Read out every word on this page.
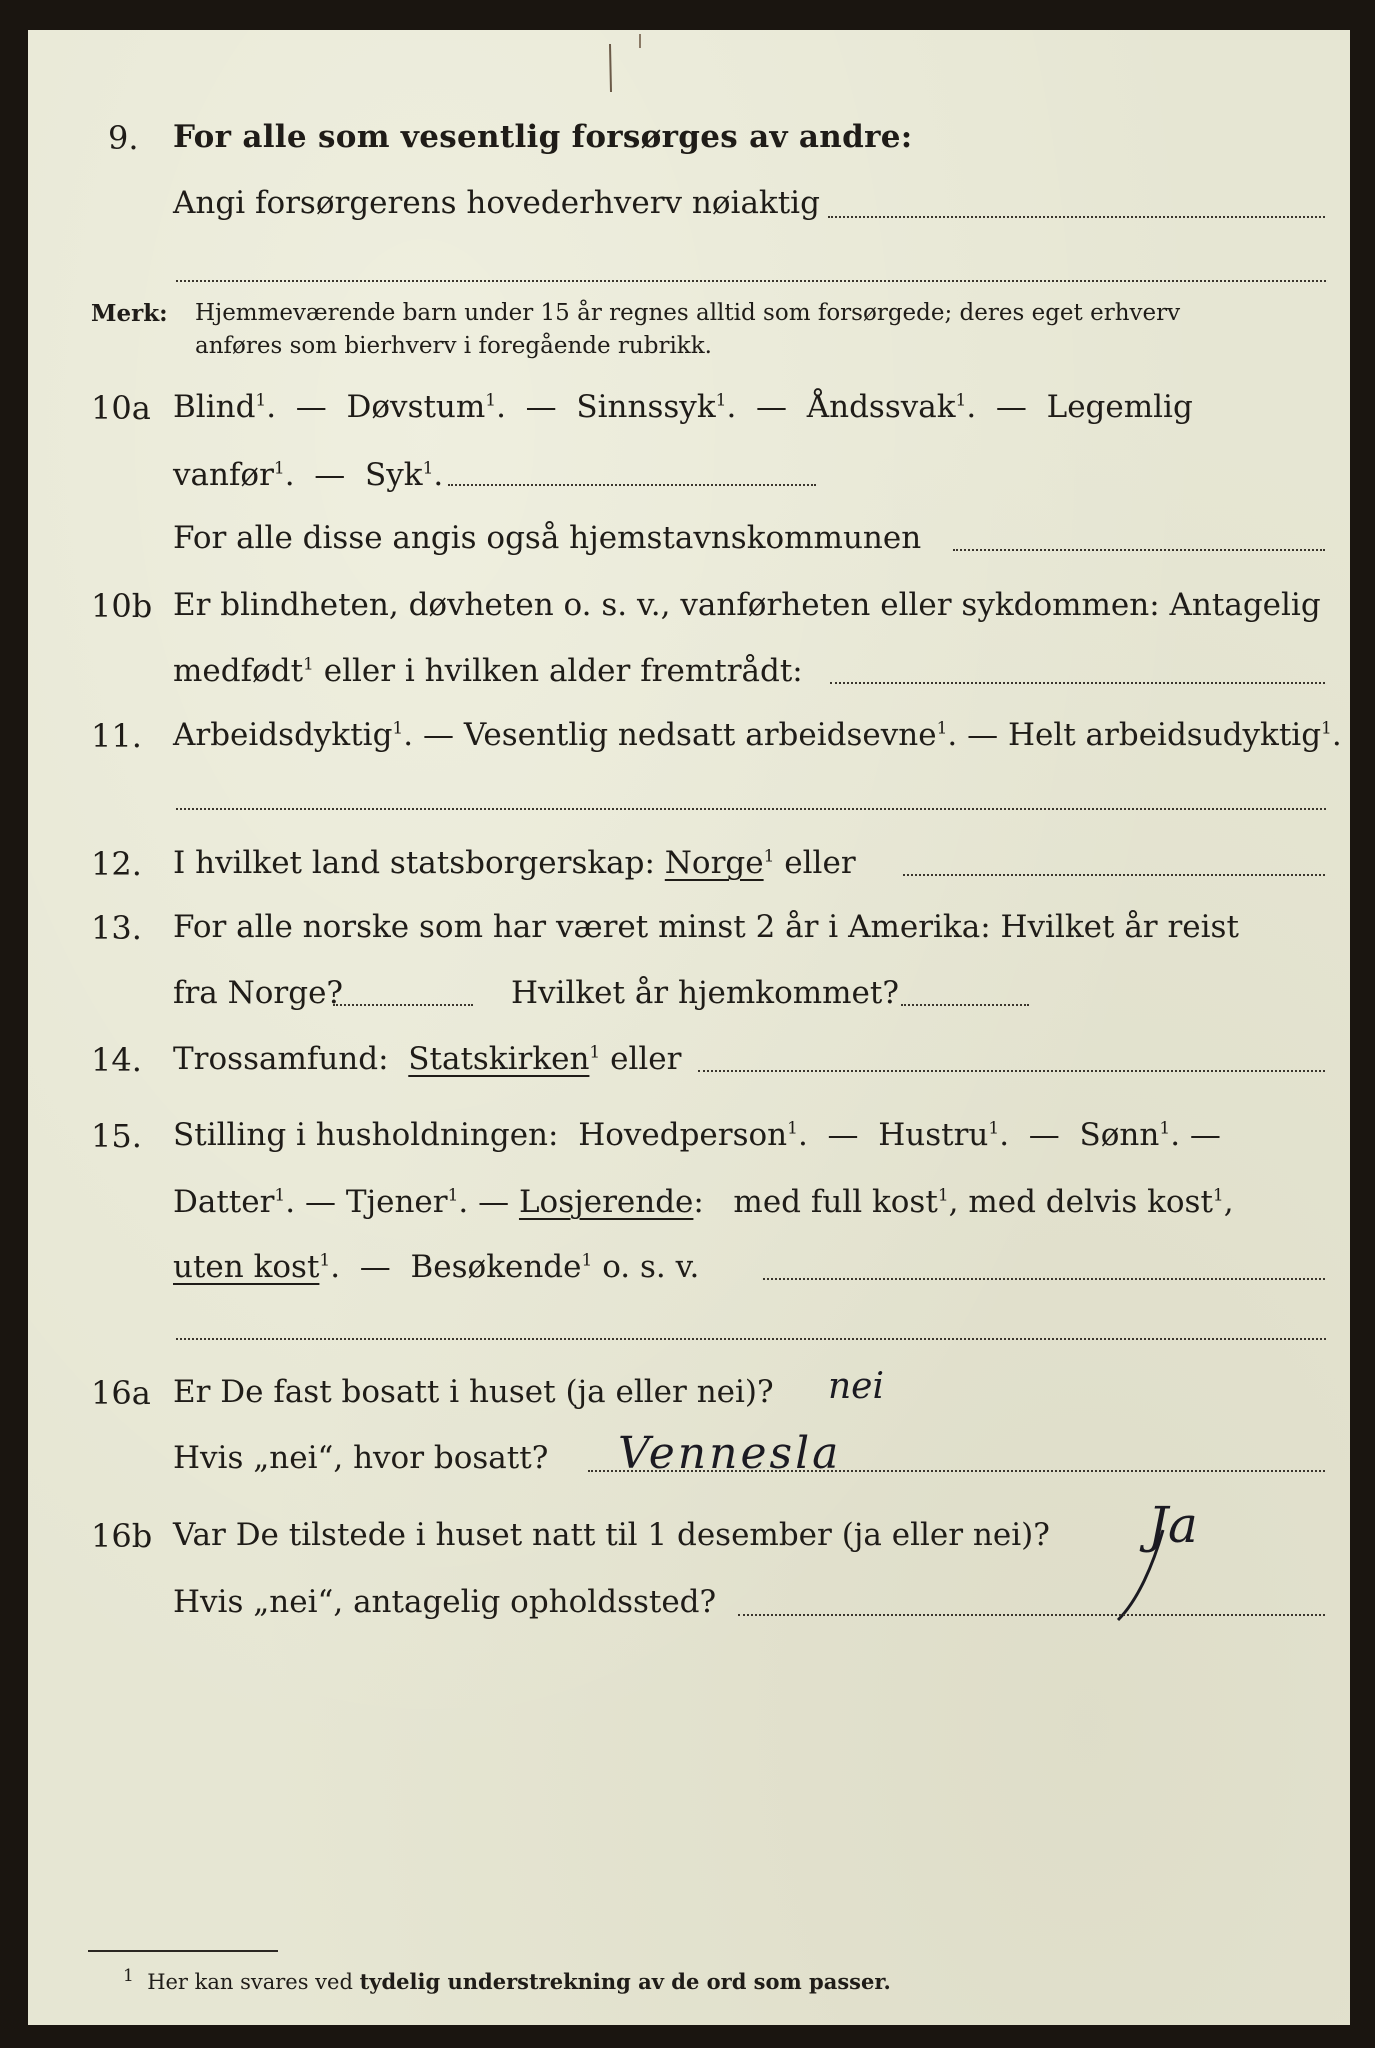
9. For alle som vesentlig forsørges av andre:
Angi forsørgerens hovederhverv nøiaktig
Merk: Hjemmeværende barn under 15 år regnes alltid som forsørgede; deres eget erhverv
anføres som bierhverv i foregående rubrikk.
10a Blind$^1$.  —  Døvstum$^1$.  —  Sinnssyk$^1$.  —  Åndssvak$^1$.  —  Legemlig
vanfør$^1$.  —  Syk$^1$.
For alle disse angis også hjemstavnskommunen
10b Er blindheten, døvheten o. s. v., vanførheten eller sykdommen: Antagelig
medfødt$^1$ eller i hvilken alder fremtrådt:
11. Arbeidsdyktig$^1$. — Vesentlig nedsatt arbeidsevne$^1$. — Helt arbeidsudyktig$^1$.
12. I hvilket land statsborgerskap: Norge$^1$ eller
13. For alle norske som har været minst 2 år i Amerika: Hvilket år reist
fra Norge?	Hvilket år hjemkommet?
14. Trossamfund: Statskirken$^1$ eller
15. Stilling i husholdningen: Hovedperson$^1$.  —  Hustru$^1$.  —  Sønn$^1$. —
Datter$^1$. — Tjener$^1$. — Losjerende:   med full kost$^1$, med delvis kost$^1$,
uten kost$^1$.  —  Besøkende$^1$ o. s. v.
16a Er De fast bosatt i huset (ja eller nei)? nei
Hvis „nei“, hvor bosatt? Vennesla
16b Var De tilstede i huset natt til 1 desember (ja eller nei)? Ja
Hvis „nei“, antagelig opholdssted?
$^1$ Her kan svares ved tydelig understrekning av de ord som passer.
